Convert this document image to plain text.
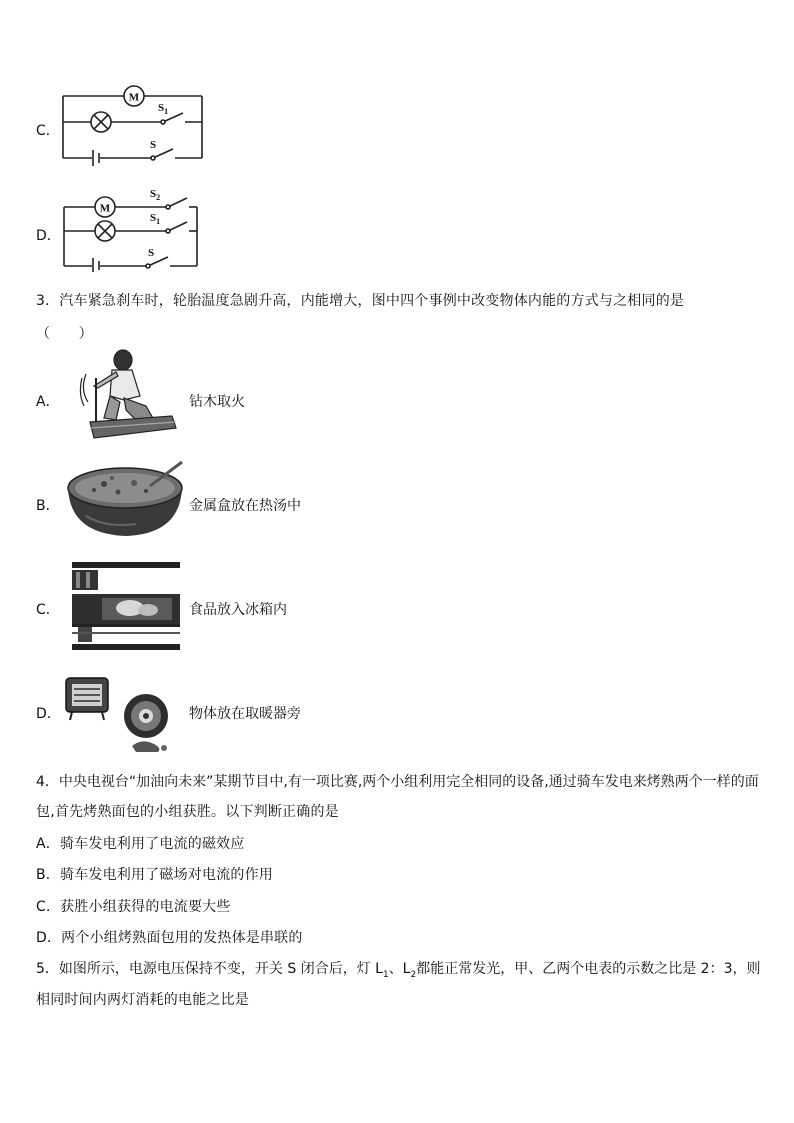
C．
M
$S_1$
S
D．
M
$S_2$
$S_1$
S
3．汽车紧急刹车时，轮胎温度急剧升高，内能增大，图中四个事例中改变物体内能的方式与之相同的是
（　　）
A．	钻木取火
B．	金属盒放在热汤中
C．	食品放入冰箱内
D．	物体放在取暖器旁
4．中央电视台“加油向未来”某期节目中,有一项比赛,两个小组利用完全相同的设备,通过骑车发电来烤熟两个一样的面
包,首先烤熟面包的小组获胜。以下判断正确的是
A．骑车发电利用了电流的磁效应
B．骑车发电利用了磁场对电流的作用
C．获胜小组获得的电流要大些
D．两个小组烤熟面包用的发热体是串联的
5．如图所示，电源电压保持不变，开关 S 闭合后，灯 $L_1$、$L_2$都能正常发光，甲、乙两个电表的示数之比是 2：3，则
相同时间内两灯消耗的电能之比是
